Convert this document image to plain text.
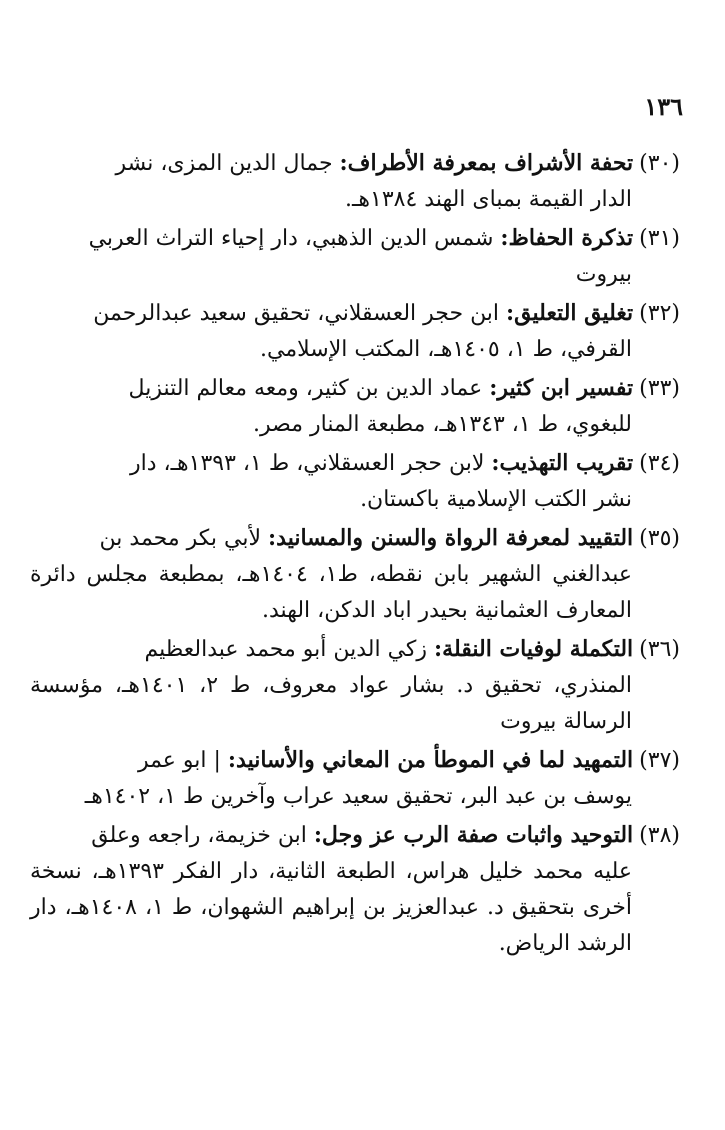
١٣٦
(٣٠)تحفة الأشراف بمعرفة الأطراف: جمال الدين المزى، نشر
الدار القيمة بمباى الهند ١٣٨٤هـ.
(٣١)تذكرة الحفاظ: شمس الدين الذهبي، دار إحياء التراث العربي
بيروت
(٣٢)تغليق التعليق: ابن حجر العسقلاني، تحقيق سعيد عبدالرحمن
القرفي، ط ١، ١٤٠٥هـ، المكتب الإسلامي.
(٣٣)تفسير ابن كثير: عماد الدين بن كثير، ومعه معالم التنزيل
للبغوي، ط ١، ١٣٤٣هـ، مطبعة المنار مصر.
(٣٤)تقريب التهذيب: لابن حجر العسقلاني، ط ١، ١٣٩٣هـ، دار
نشر الكتب الإسلامية باكستان.
(٣٥)التقييد لمعرفة الرواة والسنن والمسانيد: لأبي بكر محمد بن
عبدالغني الشهير بابن نقطه، ط١، ١٤٠٤هـ، بمطبعة مجلس دائرة المعارف العثمانية بحيدر اباد الدكن، الهند.
(٣٦)التكملة لوفيات النقلة: زكي الدين أبو محمد عبدالعظيم
المنذري، تحقيق د. بشار عواد معروف، ط ٢، ١٤٠١هـ، مؤسسة الرسالة بيروت
(٣٧)التمهيد لما في الموطأ من المعاني والأسانيد: | ابو عمر
يوسف بن عبد البر، تحقيق سعيد عراب وآخرين ط ١، ١٤٠٢هـ
(٣٨)التوحيد واثبات صفة الرب عز وجل: ابن خزيمة، راجعه وعلق
عليه محمد خليل هراس، الطبعة الثانية، دار الفكر ١٣٩٣هـ، نسخة أخرى بتحقيق د. عبدالعزيز بن إبراهيم الشهوان، ط ١، ١٤٠٨هـ، دار الرشد الرياض.
